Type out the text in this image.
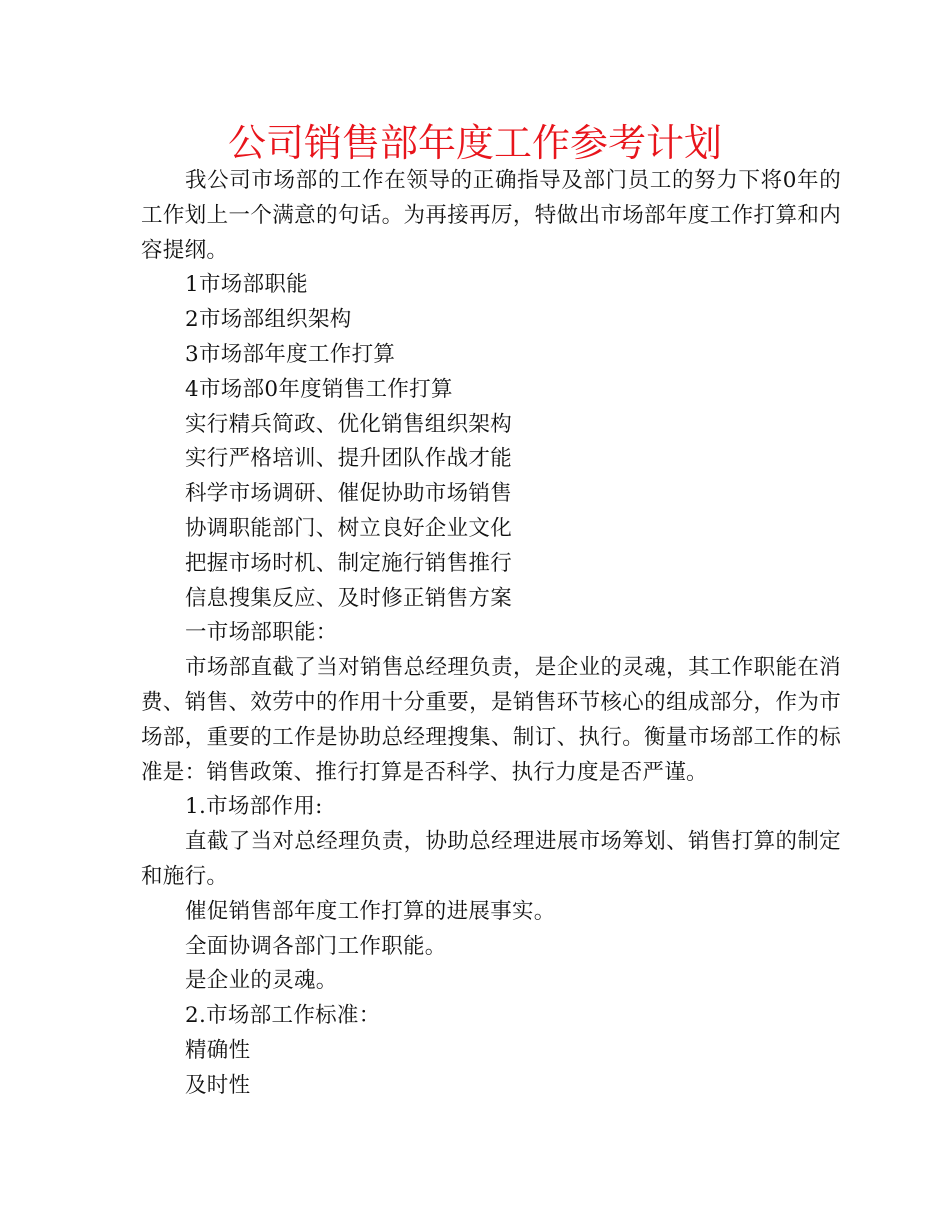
公司销售部年度工作参考计划

我公司市场部的工作在领导的正确指导及部门员工的努力下将0年的工作划上一个满意的句话。为再接再厉，特做出市场部年度工作打算和内容提纲。

1市场部职能

2市场部组织架构

3市场部年度工作打算

4市场部0年度销售工作打算

实行精兵简政、优化销售组织架构

实行严格培训、提升团队作战才能

科学市场调研、催促协助市场销售

协调职能部门、树立良好企业文化

把握市场时机、制定施行销售推行

信息搜集反应、及时修正销售方案

一市场部职能：

市场部直截了当对销售总经理负责，是企业的灵魂，其工作职能在消费、销售、效劳中的作用十分重要，是销售环节核心的组成部分，作为市场部，重要的工作是协助总经理搜集、制订、执行。衡量市场部工作的标准是：销售政策、推行打算是否科学、执行力度是否严谨。

1.市场部作用:

直截了当对总经理负责，协助总经理进展市场筹划、销售打算的制定和施行。

催促销售部年度工作打算的进展事实。

全面协调各部门工作职能。

是企业的灵魂。

2.市场部工作标准：

精确性

及时性
